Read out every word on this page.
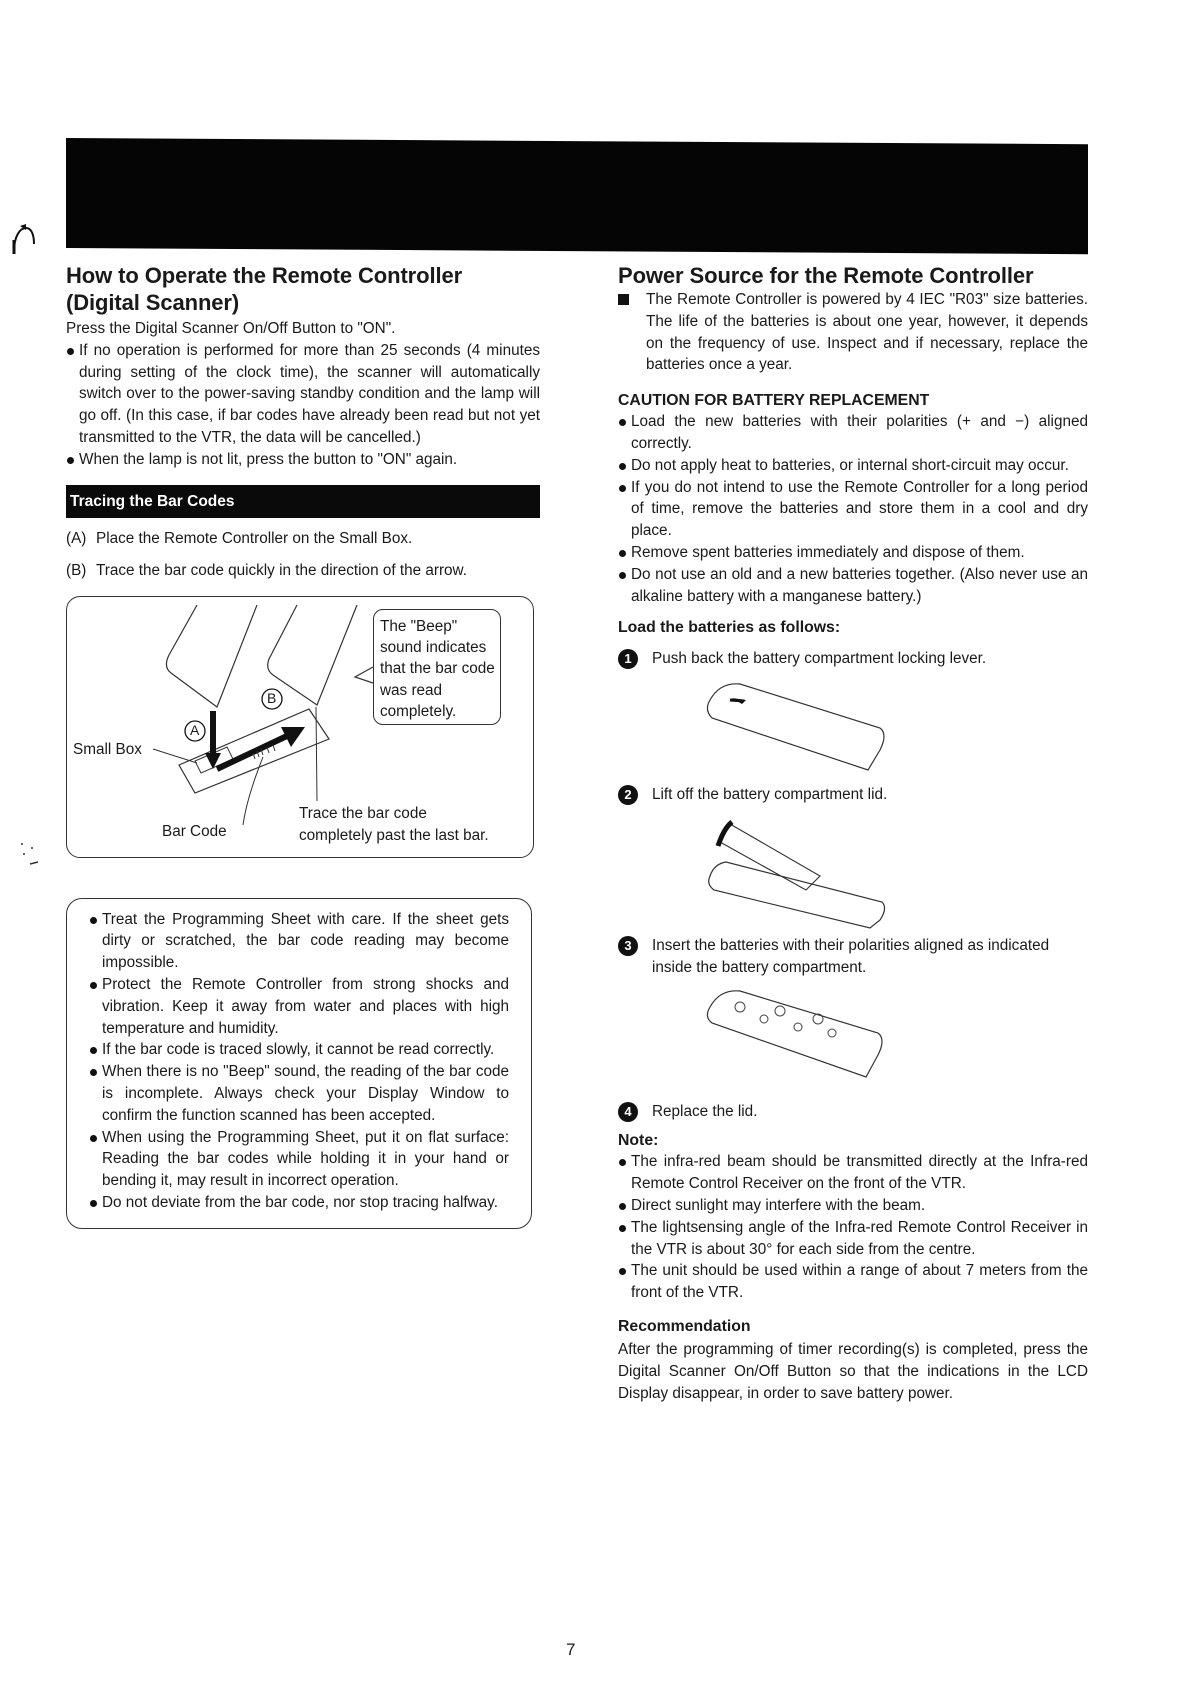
How to Operate the Remote Controller
(Digital Scanner)

Press the Digital Scanner On/Off Button to "ON".

If no operation is performed for more than 25 seconds (4 minutes during setting of the clock time), the scanner will automatically switch over to the power-saving standby condition and the lamp will go off. (In this case, if bar codes have already been read but not yet transmitted to the VTR, the data will be cancelled.)
When the lamp is not lit, press the button to "ON" again.
Tracing the Bar Codes
(A) Place the Remote Controller on the Small Box.
(B) Trace the bar code quickly in the direction of the arrow.
A
B
Small Box
Bar Code
The "Beep" sound indicates that the bar code was read completely.
Trace the bar code
completely past the last bar.
Treat the Programming Sheet with care. If the sheet gets dirty or scratched, the bar code reading may become impossible.
Protect the Remote Controller from strong shocks and vibration. Keep it away from water and places with high temperature and humidity.
If the bar code is traced slowly, it cannot be read correctly.
When there is no "Beep" sound, the reading of the bar code is incomplete. Always check your Display Window to confirm the function scanned has been accepted.
When using the Programming Sheet, put it on flat surface: Reading the bar codes while holding it in your hand or bending it, may result in incorrect operation.
Do not deviate from the bar code, nor stop tracing halfway.
Power Source for the Remote Controller

The Remote Controller is powered by 4 IEC "R03" size batteries. The life of the batteries is about one year, however, it depends on the frequency of use. Inspect and if necessary, replace the batteries once a year.

CAUTION FOR BATTERY REPLACEMENT
Load the new batteries with their polarities (+ and −) aligned correctly.
Do not apply heat to batteries, or internal short-circuit may occur.
If you do not intend to use the Remote Controller for a long period of time, remove the batteries and store them in a cool and dry place.
Remove spent batteries immediately and dispose of them.
Do not use an old and a new batteries together. (Also never use an alkaline battery with a manganese battery.)
Load the batteries as follows:
1	Push back the battery compartment locking lever.

2	Lift off the battery compartment lid.

3	Insert the batteries with their polarities aligned as indicated inside the battery compartment.

4	Replace the lid.

Note:
The infra-red beam should be transmitted directly at the Infra-red Remote Control Receiver on the front of the VTR.
Direct sunlight may interfere with the beam.
The lightsensing angle of the Infra-red Remote Control Receiver in the VTR is about 30° for each side from the centre.
The unit should be used within a range of about 7 meters from the front of the VTR.
Recommendation

After the programming of timer recording(s) is completed, press the Digital Scanner On/Off Button so that the indications in the LCD Display disappear, in order to save battery power.

7
